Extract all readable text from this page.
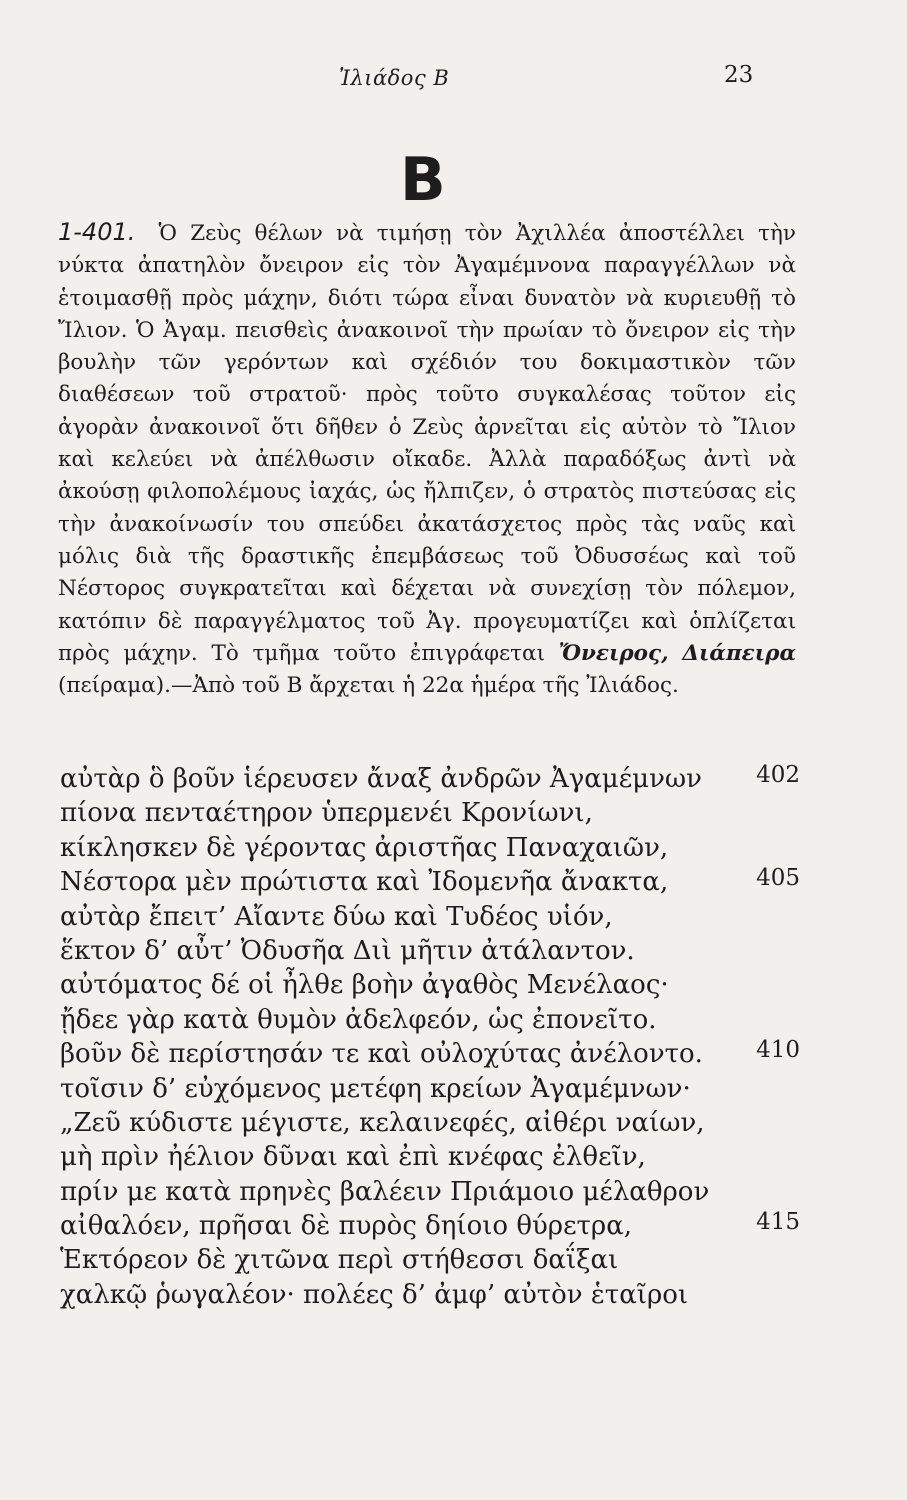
Ἰλιάδος Β	23
B
1-401. Ὁ Ζεὺς θέλων νὰ τιμήσῃ τὸν Ἀχιλλέα ἀποστέλλει τὴν νύκτα ἀπατηλὸν ὄνειρον εἰς τὸν Ἀγαμέμνονα παραγγέλλων νὰ ἑτοιμασθῇ πρὸς μάχην, διότι τώρα εἶναι δυνατὸν νὰ κυριευθῇ τὸ Ἴλιον. Ὁ Ἀγαμ. πεισθεὶς ἀνακοινοῖ τὴν πρωίαν τὸ ὄνειρον εἰς τὴν βουλὴν τῶν γερόντων καὶ σχέδιόν του δοκιμαστικὸν τῶν διαθέσεων τοῦ στρατοῦ· πρὸς τοῦτο συγκαλέσας τοῦτον εἰς ἀγορὰν ἀνακοινοῖ ὅτι δῆθεν ὁ Ζεὺς ἀρνεῖται εἰς αὐτὸν τὸ Ἴλιον καὶ κελεύει νὰ ἀπέλθωσιν οἴκαδε. Ἀλλὰ παραδόξως ἀντὶ νὰ ἀκούσῃ φιλοπολέμους ἰαχάς, ὡς ἤλπιζεν, ὁ στρατὸς πιστεύσας εἰς τὴν ἀνακοίνωσίν του σπεύδει ἀκατάσχετος πρὸς τὰς ναῦς καὶ μόλις διὰ τῆς δραστικῆς ἐπεμβάσεως τοῦ Ὀδυσσέως καὶ τοῦ Νέστορος συγκρατεῖται καὶ δέχεται νὰ συνεχίσῃ τὸν πόλεμον, κατόπιν δὲ παραγγέλματος τοῦ Ἀγ. προγευματίζει καὶ ὁπλίζεται πρὸς μάχην. Τὸ τμῆμα τοῦτο ἐπιγράφεται Ὄνειρος, Διάπειρα (πείραμα).—Ἀπὸ τοῦ Β ἄρχεται ἡ 22α ἡμέρα τῆς Ἰλιάδος.
αὐτὰρ ὃ βοῦν ἱέρευσεν ἄναξ ἀνδρῶν Ἀγαμέμνων 402
πίονα πενταέτηρον ὑπερμενέι Κρονίωνι,
κίκλησκεν δὲ γέροντας ἀριστῆας Παναχαιῶν,
Νέστορα μὲν πρώτιστα καὶ Ἰδομενῆα ἄνακτα,	405
αὐτὰρ ἔπειτ’ Αἴαντε δύω καὶ Τυδέος υἱόν,
ἕκτον δ’ αὖτ’ Ὀδυσῆα Διὶ μῆτιν ἀτάλαντον.
αὐτόματος δέ οἱ ἦλθε βοὴν ἀγαθὸς Μενέλαος·
ᾔδεε γὰρ κατὰ θυμὸν ἀδελφεόν, ὡς ἐπονεῖτο.
βοῦν δὲ περίστησάν τε καὶ οὐλοχύτας ἀνέλοντο. 410
τοῖσιν δ’ εὐχόμενος μετέφη κρείων Ἀγαμέμνων·
„Ζεῦ κύδιστε μέγιστε, κελαινεφές, αἰθέρι ναίων,
μὴ πρὶν ἠέλιον δῦναι καὶ ἐπὶ κνέφας ἐλθεῖν,
πρίν με κατὰ πρηνὲς βαλέειν Πριάμοιο μέλαθρον
αἰθαλόεν, πρῆσαι δὲ πυρὸς δηίοιο θύρετρα,	415
Ἑκτόρεον δὲ χιτῶνα περὶ στήθεσσι δαΐξαι
χαλκῷ ῥωγαλέον· πολέες δ’ ἀμφ’ αὐτὸν ἑταῖροι
